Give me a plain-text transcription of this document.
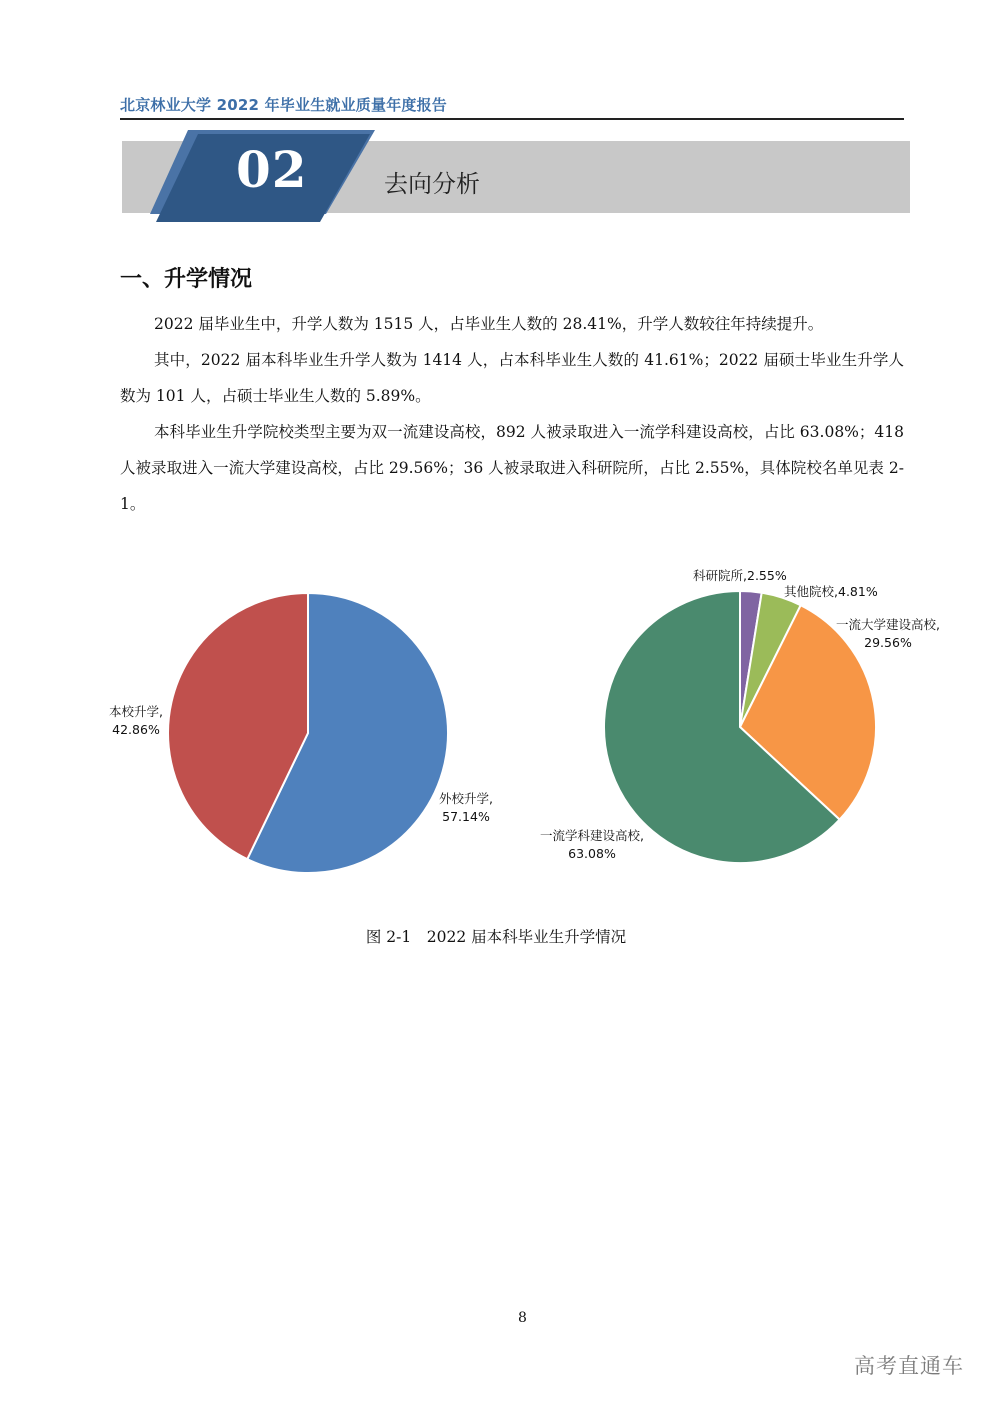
北京林业大学 2022 年毕业生就业质量年度报告
02	去向分析
一、升学情况

2022 届毕业生中，升学人数为 1515 人，占毕业生人数的 28.41%，升学人数较往年持续提升。

其中，2022 届本科毕业生升学人数为 1414 人，占本科毕业生人数的 41.61%；2022 届硕士毕业生升学人数为 101 人，占硕士毕业生人数的 5.89%。

本科毕业生升学院校类型主要为双一流建设高校，892 人被录取进入一流学科建设高校，占比 63.08%；418 人被录取进入一流大学建设高校，占比 29.56%；36 人被录取进入科研院所，占比 2.55%，具体院校名单见表 2-1。

外校升学,
57.14%
本校升学,
42.86%
科研院所, 2.55%
其他院校, 4.81%
一流大学建设高校,
29.56%
一流学科建设高校,
63.08%
图 2-1　2022 届本科毕业生升学情况
8
高考直通车
